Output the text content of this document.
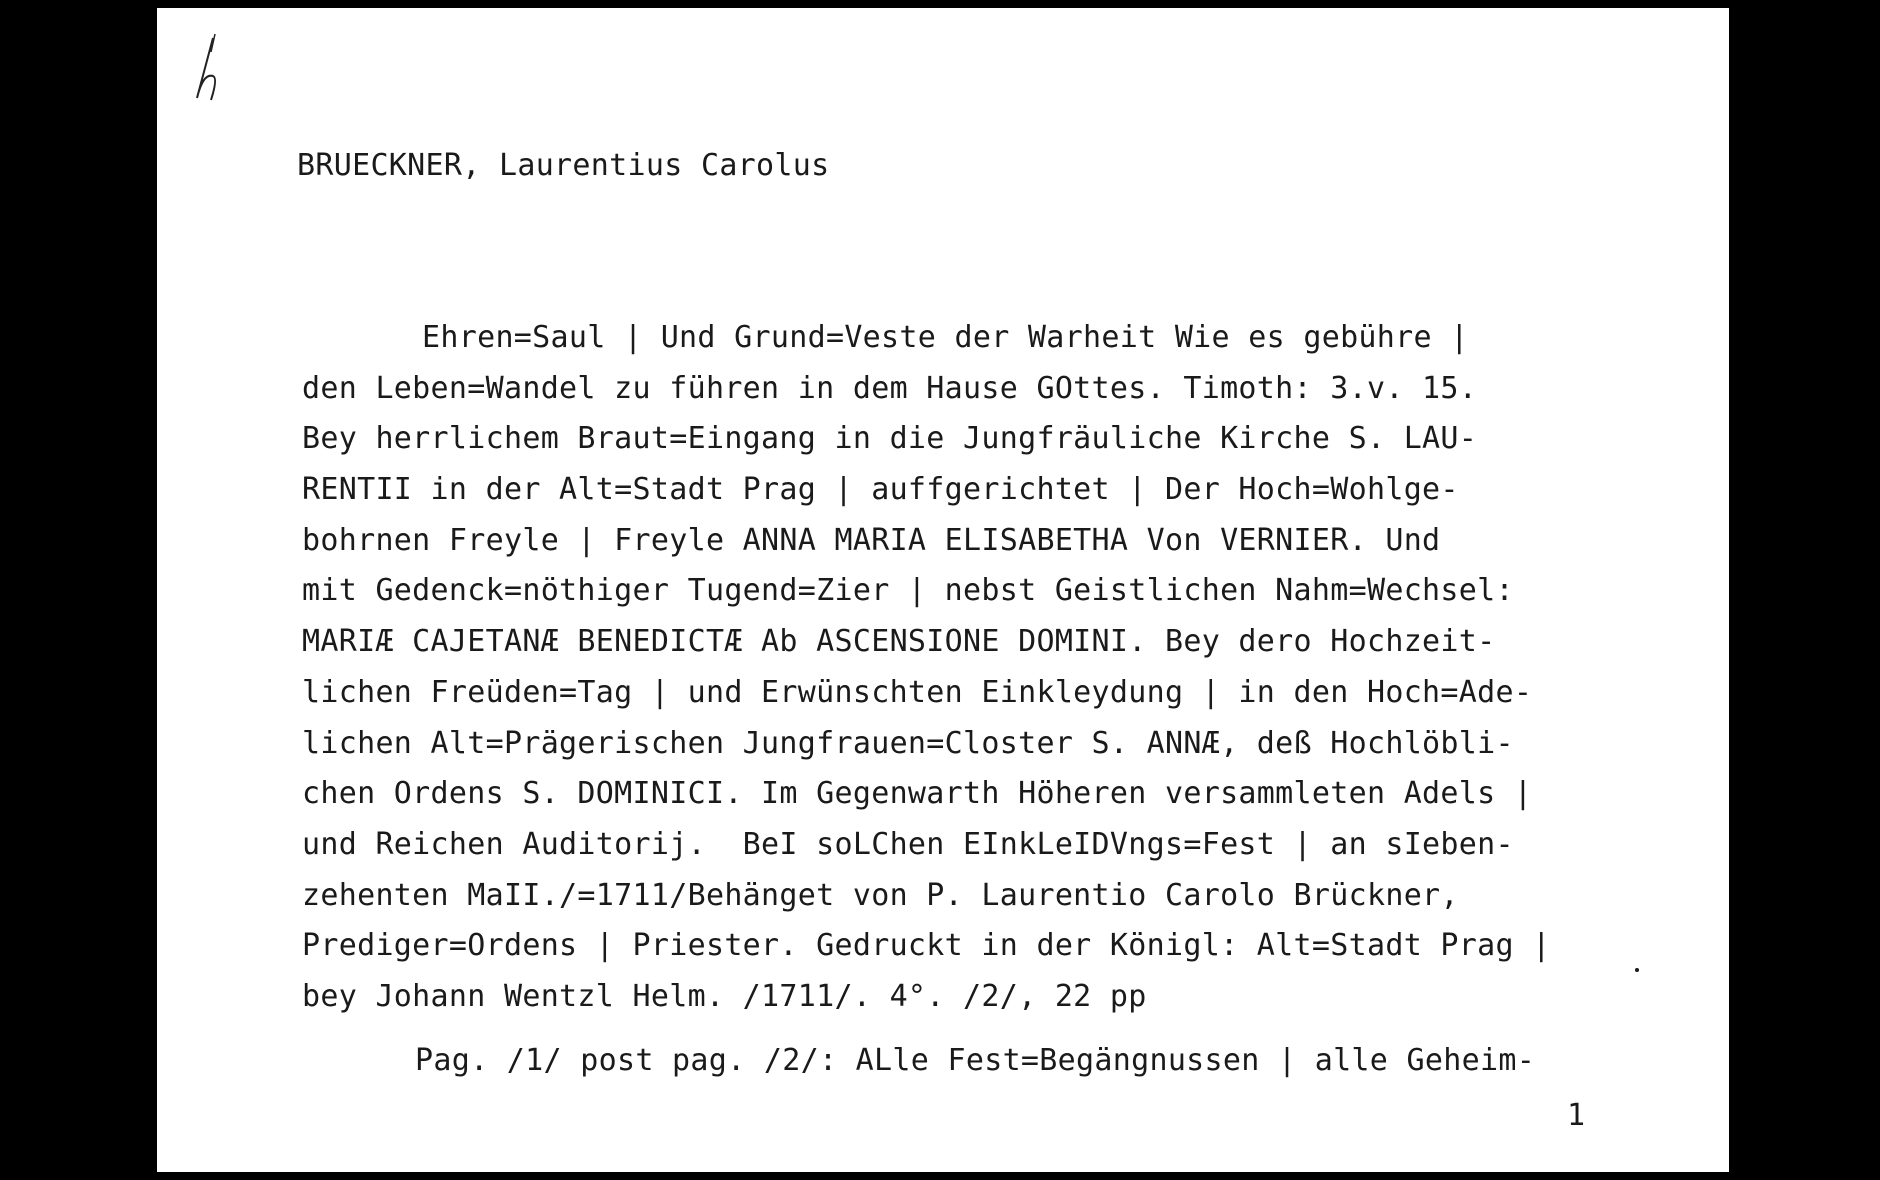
BRUECKNER, Laurentius Carolus
Ehren=Saul | Und Grund=Veste der Warheit Wie es gebühre |
den Leben=Wandel zu führen in dem Hause GOttes. Timoth: 3.v. 15.
Bey herrlichem Braut=Eingang in die Jungfräuliche Kirche S. LAU-
RENTII in der Alt=Stadt Prag | auffgerichtet | Der Hoch=Wohlge-
bohrnen Freyle | Freyle ANNA MARIA ELISABETHA Von VERNIER. Und
mit Gedenck=nöthiger Tugend=Zier | nebst Geistlichen Nahm=Wechsel:
MARIÆ CAJETANÆ BENEDICTÆ Ab ASCENSIONE DOMINI. Bey dero Hochzeit-
lichen Freüden=Tag | und Erwünschten Einkleydung | in den Hoch=Ade-
lichen Alt=Prägerischen Jungfrauen=Closter S. ANNÆ, deß Hochlöbli-
chen Ordens S. DOMINICI. Im Gegenwarth Höheren versammleten Adels |
und Reichen Auditorij.  BeI soLChen EInkLeIDVngs=Fest | an sIeben-
zehenten MaII./=1711/Behänget von P. Laurentio Carolo Brückner,
Prediger=Ordens | Priester. Gedruckt in der Königl: Alt=Stadt Prag |
bey Johann Wentzl Helm. /1711/. 4°. /2/, 22 pp
Pag. /1/ post pag. /2/: ALle Fest=Begängnussen | alle Geheim-
1
